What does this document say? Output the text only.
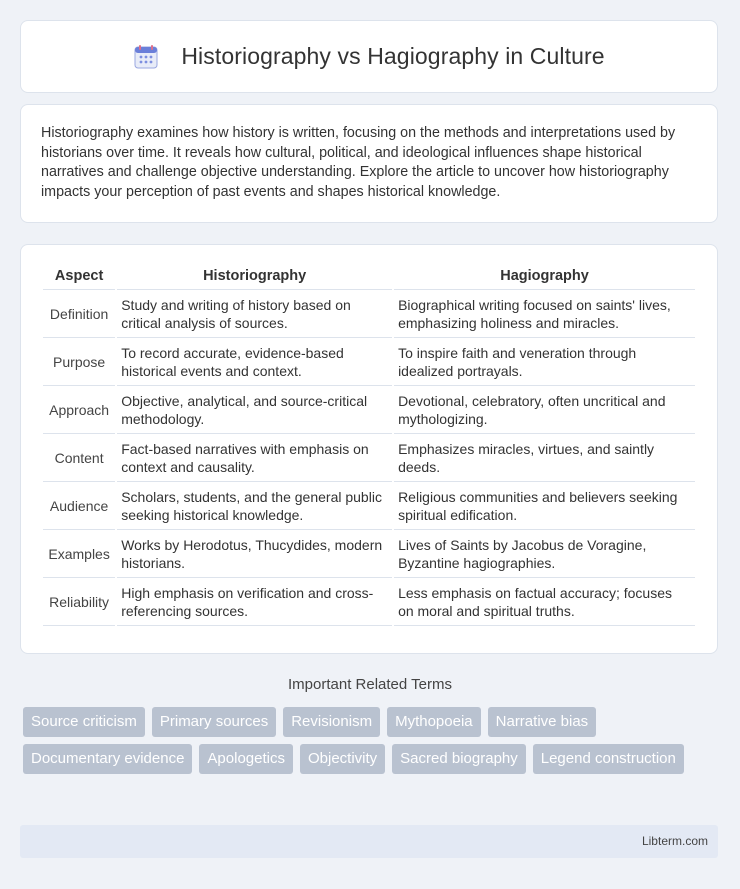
Historiography vs Hagiography in Culture

Historiography examines how history is written, focusing on the methods and interpretations used by historians over time. It reveals how cultural, political, and ideological influences shape historical narratives and challenge objective understanding. Explore the article to uncover how historiography impacts your perception of past events and shapes historical knowledge.

Aspect	Historiography	Hagiography
Definition	Study and writing of history based on critical analysis of sources.	Biographical writing focused on saints' lives, emphasizing holiness and miracles.
Purpose	To record accurate, evidence-based historical events and context.	To inspire faith and veneration through idealized portrayals.
Approach	Objective, analytical, and source-critical methodology.	Devotional, celebratory, often uncritical and mythologizing.
Content	Fact-based narratives with emphasis on context and causality.	Emphasizes miracles, virtues, and saintly deeds.
Audience	Scholars, students, and the general public seeking historical knowledge.	Religious communities and believers seeking spiritual edification.
Examples	Works by Herodotus, Thucydides, modern historians.	Lives of Saints by Jacobus de Voragine, Byzantine hagiographies.
Reliability	High emphasis on verification and cross-referencing sources.	Less emphasis on factual accuracy; focuses on moral and spiritual truths.
Important Related Terms
Source criticism	Primary sources	Revisionism	Mythopoeia	Narrative bias
Documentary evidence	Apologetics	Objectivity	Sacred biography	Legend construction
Libterm.com
